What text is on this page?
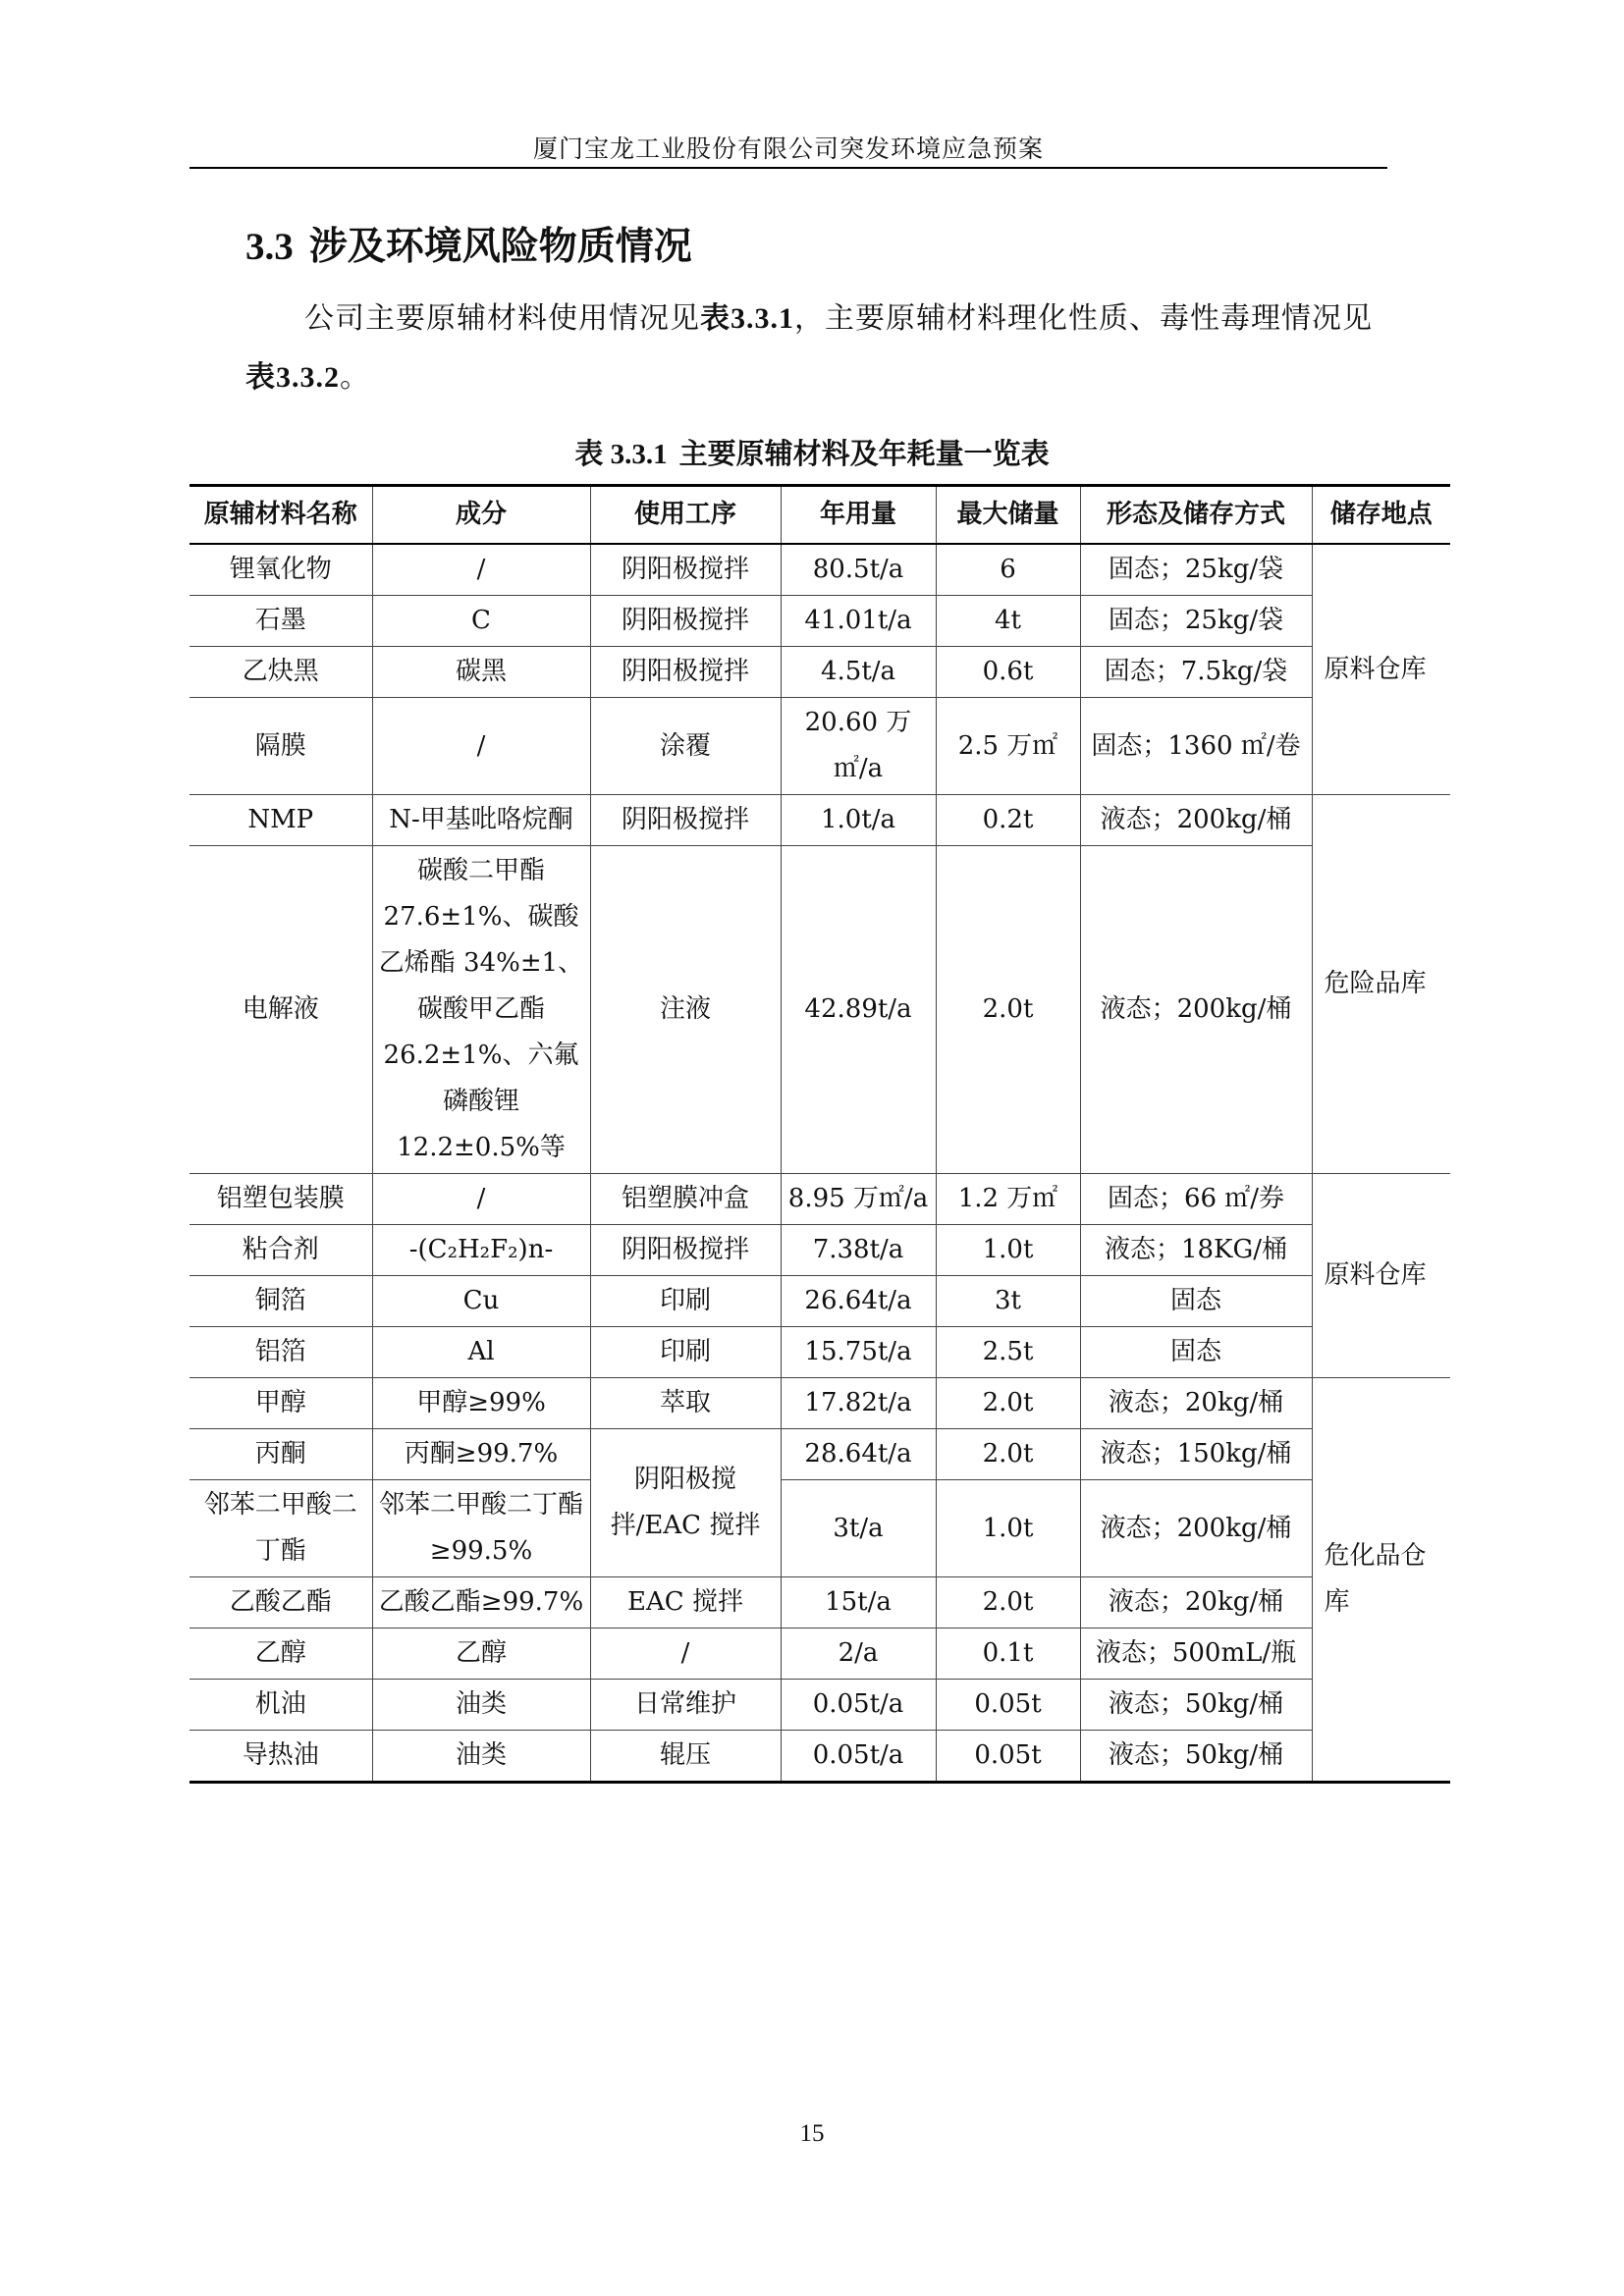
厦门宝龙工业股份有限公司突发环境应急预案
3.3 涉及环境风险物质情况
公司主要原辅材料使用情况见表3.3.1，主要原辅材料理化性质、毒性毒理情况见表3.3.2。
表 3.3.1 主要原辅材料及年耗量一览表
原辅材料名称	成分	使用工序	年用量	最大储量	形态及储存方式	储存地点
锂氧化物	/	阴阳极搅拌	80.5t/a	6	固态；25kg/袋	原料仓库
石墨	C	阴阳极搅拌	41.01t/a	4t	固态；25kg/袋	
乙炔黑	碳黑	阴阳极搅拌	4.5t/a	0.6t	固态；7.5kg/袋	
隔膜	/	涂覆	20.60 万㎡/a	2.5 万㎡	固态；1360 ㎡/卷	
NMP	N-甲基吡咯烷酮	阴阳极搅拌	1.0t/a	0.2t	液态；200kg/桶	危险品库
电解液	碳酸二甲酯 27.6±1%、碳酸乙烯酯 34%±1、碳酸甲乙酯 26.2±1%、六氟磷酸锂 12.2±0.5%等	注液	42.89t/a	2.0t	液态；200kg/桶	
铝塑包装膜	/	铝塑膜冲盒	8.95 万㎡/a	1.2 万㎡	固态；66 ㎡/券	原料仓库
粘合剂	-(C₂H₂F₂)n-	阴阳极搅拌	7.38t/a	1.0t	液态；18KG/桶	
铜箔	Cu	印刷	26.64t/a	3t	固态	
铝箔	Al	印刷	15.75t/a	2.5t	固态	
甲醇	甲醇≥99%	萃取	17.82t/a	2.0t	液态；20kg/桶	危化品仓库
丙酮	丙酮≥99.7%	阴阳极搅拌/EAC 搅拌	28.64t/a	2.0t	液态；150kg/桶	
邻苯二甲酸二丁酯	邻苯二甲酸二丁酯≥99.5%		3t/a	1.0t	液态；200kg/桶	
乙酸乙酯	乙酸乙酯≥99.7%	EAC 搅拌	15t/a	2.0t	液态；20kg/桶	
乙醇	乙醇	/	2/a	0.1t	液态；500mL/瓶	
机油	油类	日常维护	0.05t/a	0.05t	液态；50kg/桶	
导热油	油类	辊压	0.05t/a	0.05t	液态；50kg/桶	
15
